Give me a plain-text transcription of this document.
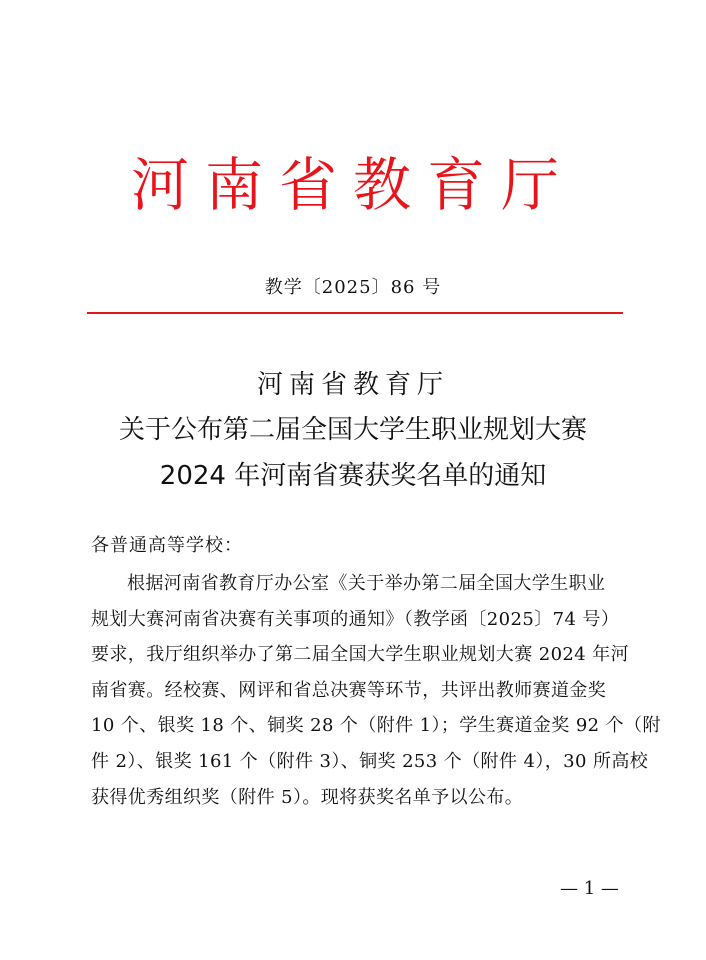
河南省教育厅
教学〔2025〕86 号
河南省教育厅
关于公布第二届全国大学生职业规划大赛
2024 年河南省赛获奖名单的通知
各普通高等学校：
根据河南省教育厅办公室《关于举办第二届全国大学生职业
规划大赛河南省决赛有关事项的通知》（教学函〔2025〕74 号）
要求，我厅组织举办了第二届全国大学生职业规划大赛 2024 年河
南省赛。经校赛、网评和省总决赛等环节，共评出教师赛道金奖
10 个、银奖 18 个、铜奖 28 个（附件 1）；学生赛道金奖 92 个（附
件 2）、银奖 161 个（附件 3）、铜奖 253 个（附件 4），30 所高校
获得优秀组织奖（附件 5）。现将获奖名单予以公布。
— 1 —
